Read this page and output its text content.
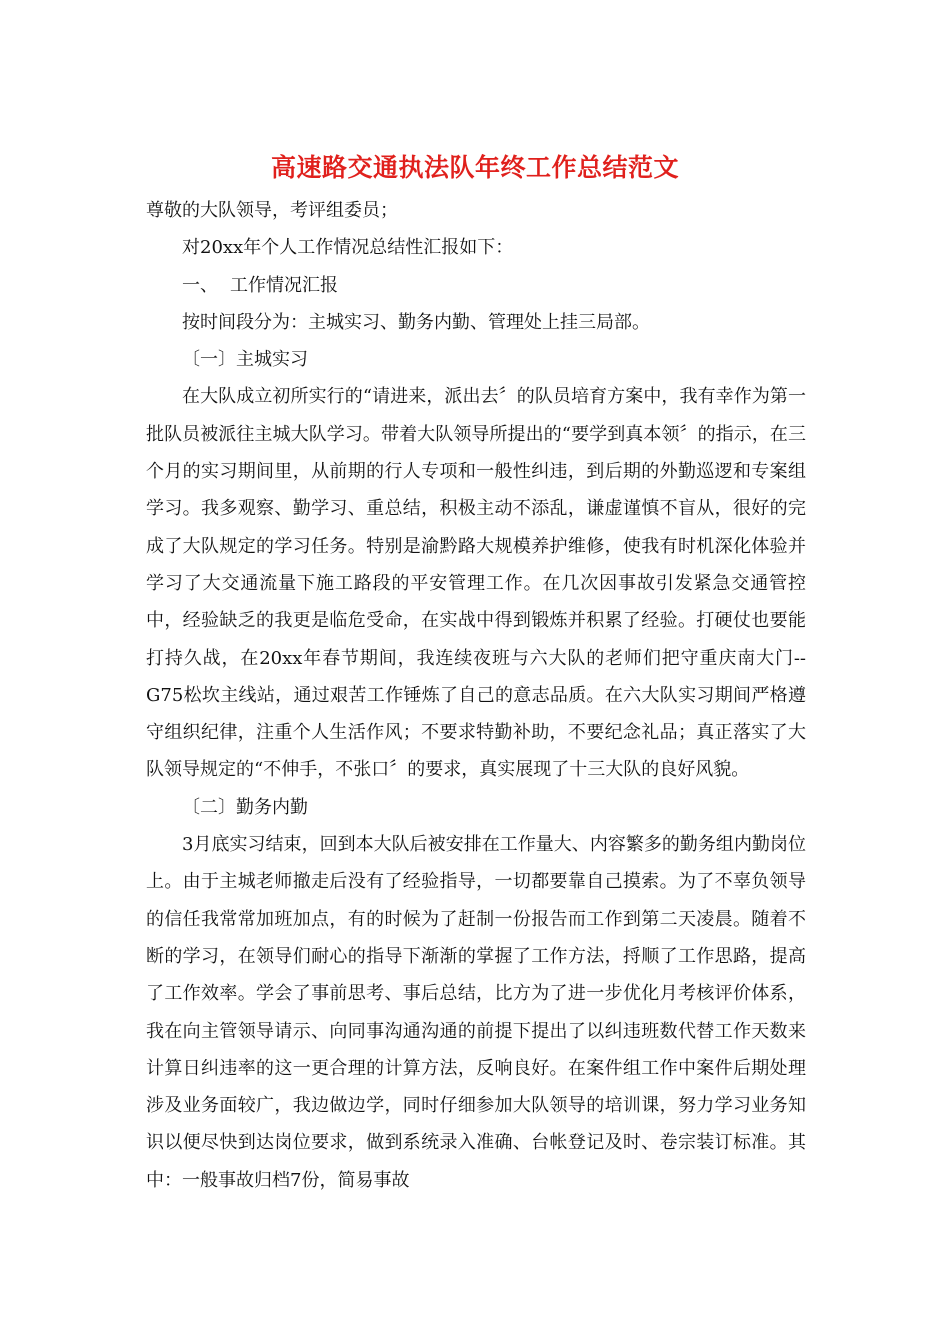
高速路交通执法队年终工作总结范文

尊敬的大队领导，考评组委员；

对20xx年个人工作情况总结性汇报如下：

一、 工作情况汇报

按时间段分为：主城实习、勤务内勤、管理处上挂三局部。

〔一〕主城实习

在大队成立初所实行的“请进来，派出去〞的队员培育方案中，我有幸作为第一批队员被派往主城大队学习。带着大队领导所提出的“要学到真本领〞的指示，在三个月的实习期间里，从前期的行人专项和一般性纠违，到后期的外勤巡逻和专案组学习。我多观察、勤学习、重总结，积极主动不添乱，谦虚谨慎不盲从，很好的完成了大队规定的学习任务。特别是渝黔路大规模养护维修，使我有时机深化体验并学习了大交通流量下施工路段的平安管理工作。在几次因事故引发紧急交通管控中，经验缺乏的我更是临危受命，在实战中得到锻炼并积累了经验。打硬仗也要能打持久战，在20xx年春节期间，我连续夜班与六大队的老师们把守重庆南大门--G75松坎主线站，通过艰苦工作锤炼了自己的意志品质。在六大队实习期间严格遵守组织纪律，注重个人生活作风；不要求特勤补助，不要纪念礼品；真正落实了大队领导规定的“不伸手，不张口〞的要求，真实展现了十三大队的良好风貌。

〔二〕勤务内勤

3月底实习结束，回到本大队后被安排在工作量大、内容繁多的勤务组内勤岗位上。由于主城老师撤走后没有了经验指导，一切都要靠自己摸索。为了不辜负领导的信任我常常加班加点，有的时候为了赶制一份报告而工作到第二天凌晨。随着不断的学习，在领导们耐心的指导下渐渐的掌握了工作方法，捋顺了工作思路，提高了工作效率。学会了事前思考、事后总结，比方为了进一步优化月考核评价体系，我在向主管领导请示、向同事沟通沟通的前提下提出了以纠违班数代替工作天数来计算日纠违率的这一更合理的计算方法，反响良好。在案件组工作中案件后期处理涉及业务面较广，我边做边学，同时仔细参加大队领导的培训课，努力学习业务知识以便尽快到达岗位要求，做到系统录入准确、台帐登记及时、卷宗装订标准。其中：一般事故归档7份，简易事故
